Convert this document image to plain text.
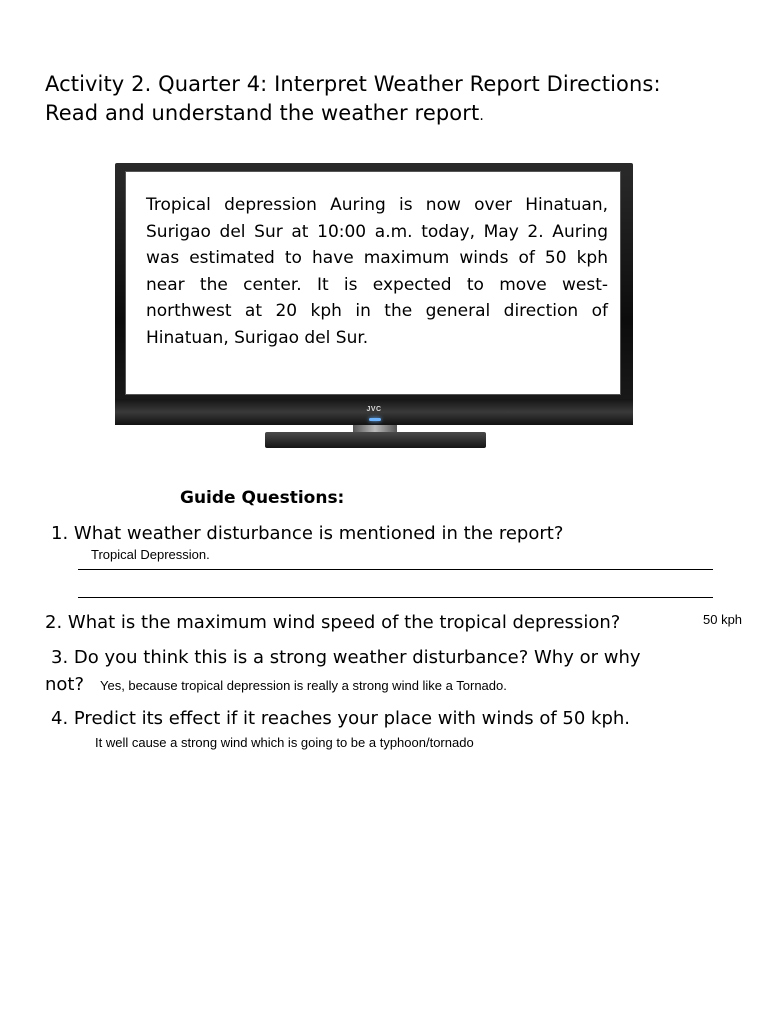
Activity 2. Quarter 4: Interpret Weather Report Directions:
Read and understand the weather report.
Tropical depression Auring is now over Hinatuan, Surigao del Sur at 10:00 a.m. today, May 2. Auring was estimated to have maximum winds of 50 kph near the center. It is expected to move west-northwest at 20 kph in the general direction of Hinatuan, Surigao del Sur.
JVC
Guide Questions:
1. What weather disturbance is mentioned in the report?
Tropical Depression.
2. What is the maximum wind speed of the tropical depression?	50 kph
3. Do you think this is a strong weather disturbance? Why or why
not? Yes, because tropical depression is really a strong wind like a Tornado.
4. Predict its effect if it reaches your place with winds of 50 kph.
It well cause a strong wind which is going to be a typhoon/tornado
